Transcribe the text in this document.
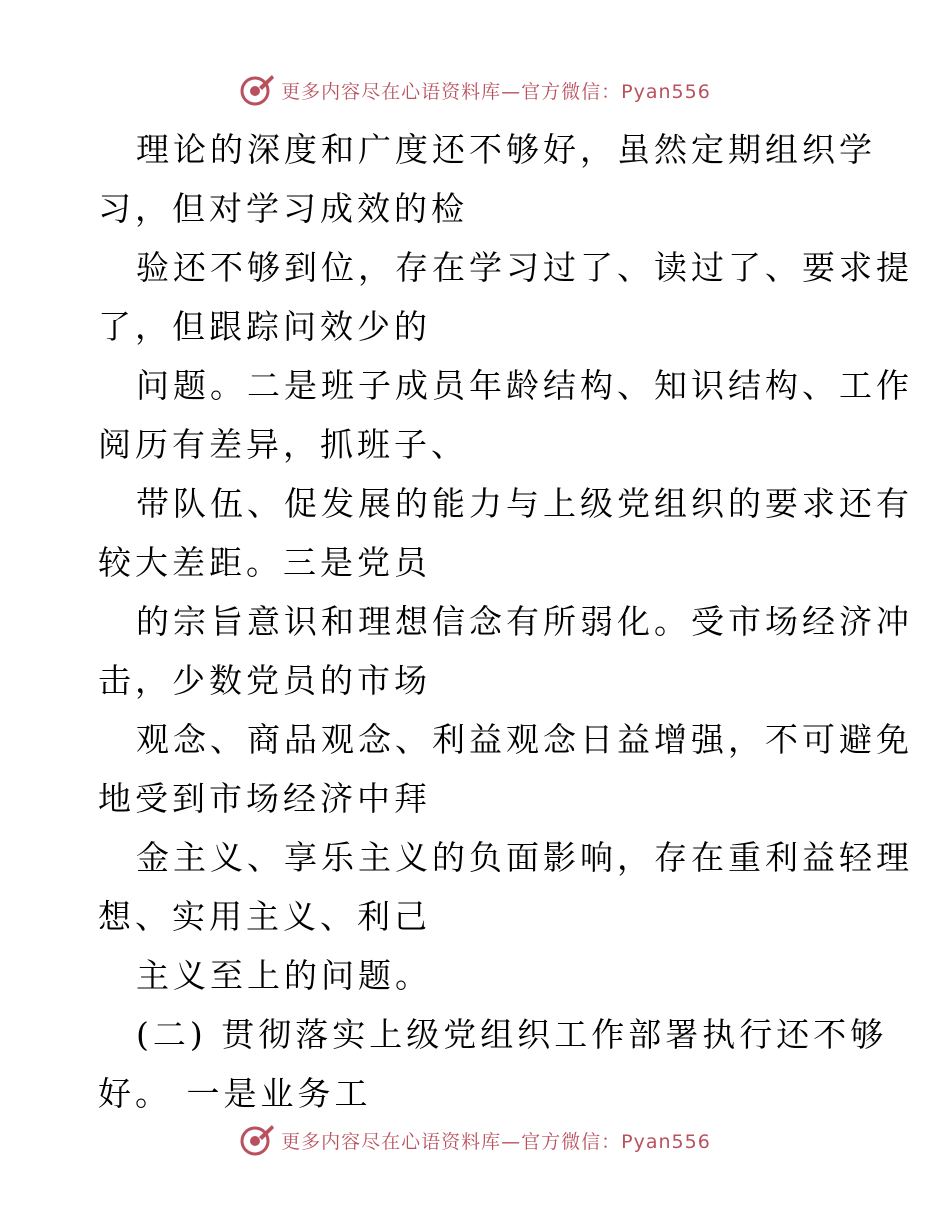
更多内容尽在心语资料库—官方微信：Pyan556

理论的深度和广度还不够好，虽然定期组织学
习，但对学习成效的检

验还不够到位，存在学习过了、读过了、要求提
了，但跟踪问效少的

问题。二是班子成员年龄结构、知识结构、工作
阅历有差异，抓班子、

带队伍、促发展的能力与上级党组织的要求还有
较大差距。三是党员

的宗旨意识和理想信念有所弱化。受市场经济冲
击，少数党员的市场

观念、商品观念、利益观念日益增强，不可避免
地受到市场经济中拜

金主义、享乐主义的负面影响，存在重利益轻理
想、实用主义、利己

主义至上的问题。

(二) 贯彻落实上级党组织工作部署执行还不够
好。 一是业务工

更多内容尽在心语资料库—官方微信：Pyan556
